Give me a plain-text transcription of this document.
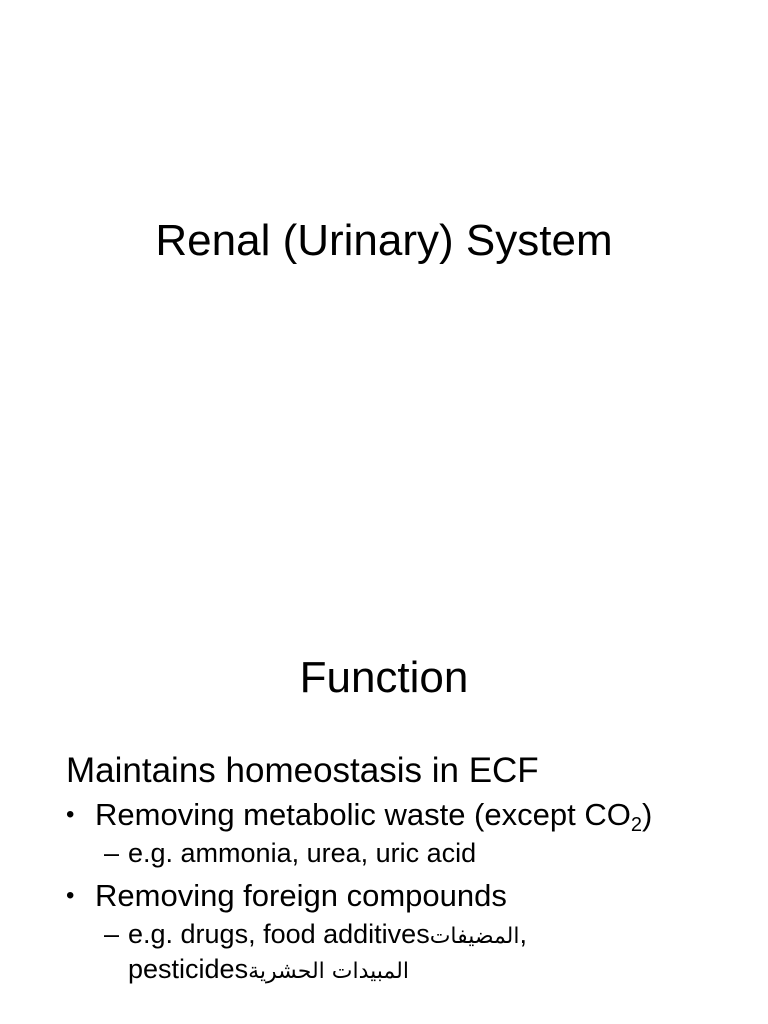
Renal (Urinary) System
Function
Maintains homeostasis in ECF
• Removing metabolic waste (except $CO_2$)
– e.g. ammonia, urea, uric acid
• Removing foreign compounds
– e.g. drugs, food additivesالمضيفات,
pesticidesالمبيدات الحشرية
